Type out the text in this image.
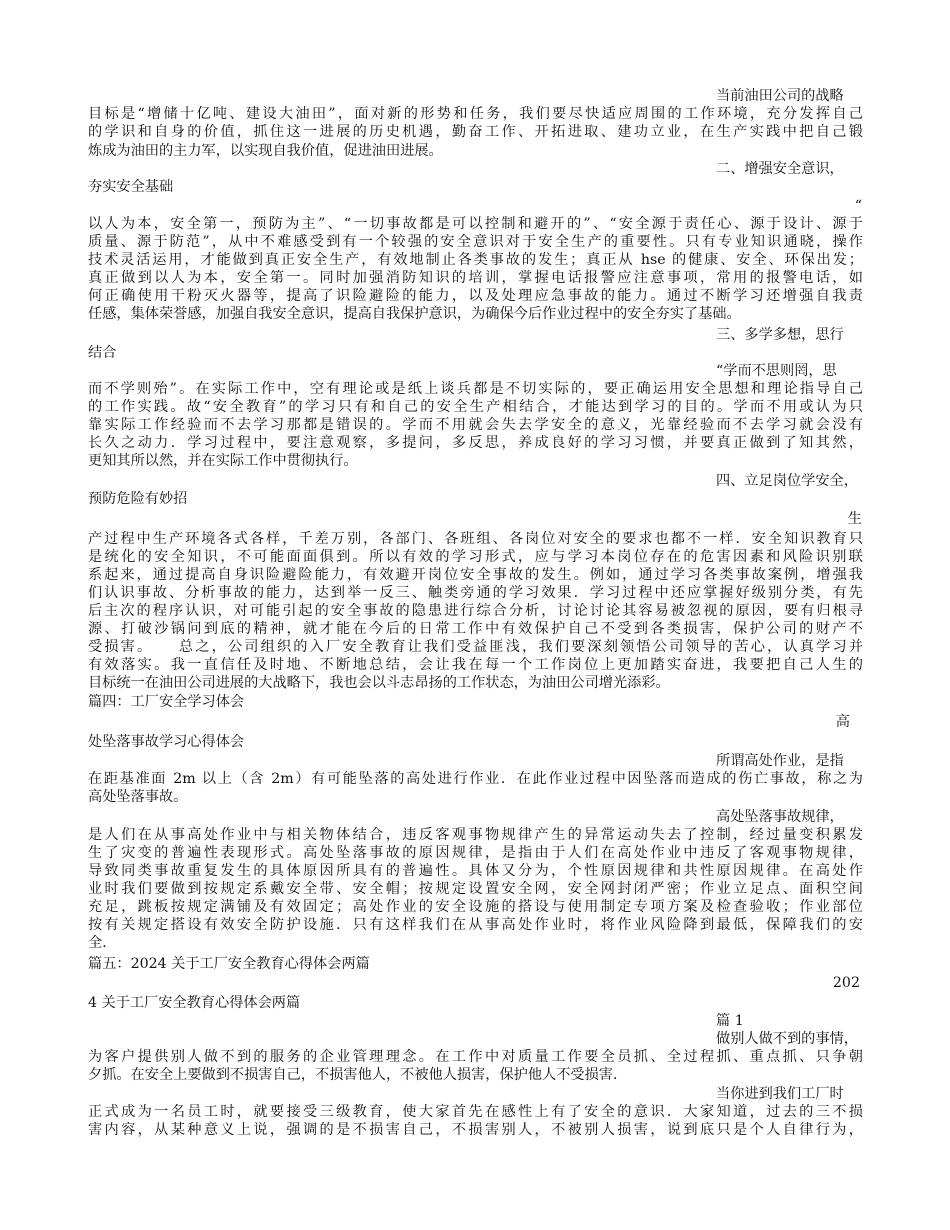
当前油田公司的战略
目标是“增储十亿吨、建设大油田”，面对新的形势和任务，我们要尽快适应周围的工作环境，充分发挥自己
的学识和自身的价值，抓住这一进展的历史机遇，勤奋工作、开拓进取、建功立业，在生产实践中把自己锻
炼成为油田的主力军，以实现自我价值，促进油田进展。
二、增强安全意识，
夯实安全基础
“
以人为本，安全第一，预防为主”、“一切事故都是可以控制和避开的”、“安全源于责任心、源于设计、源于
质量、源于防范”，从中不难感受到有一个较强的安全意识对于安全生产的重要性。只有专业知识通晓，操作
技术灵活运用，才能做到真正安全生产，有效地制止各类事故的发生；真正从 hse 的健康、安全、环保出发；
真正做到以人为本，安全第一。同时加强消防知识的培训，掌握电话报警应注意事项，常用的报警电话，如
何正确使用干粉灭火器等，提高了识险避险的能力，以及处理应急事故的能力。通过不断学习还增强自我责
任感，集体荣誉感，加强自我安全意识，提高自我保护意识，为确保今后作业过程中的安全夯实了基础。
三、多学多想，思行
结合
“学而不思则罔，思
而不学则殆”。在实际工作中，空有理论或是纸上谈兵都是不切实际的，要正确运用安全思想和理论指导自己
的工作实践。故“安全教育”的学习只有和自己的安全生产相结合，才能达到学习的目的。学而不用或认为只
靠实际工作经验而不去学习那都是错误的。学而不用就会失去学安全的意义，光靠经验而不去学习就会没有
长久之动力．学习过程中，要注意观察，多提问，多反思，养成良好的学习习惯，并要真正做到了知其然，
更知其所以然，并在实际工作中贯彻执行。
四、立足岗位学安全，
预防危险有妙招
生
产过程中生产环境各式各样，千差万别，各部门、各班组、各岗位对安全的要求也都不一样．安全知识教育只
是统化的安全知识，不可能面面俱到。所以有效的学习形式，应与学习本岗位存在的危害因素和风险识别联
系起来，通过提高自身识险避险能力，有效避开岗位安全事故的发生。例如，通过学习各类事故案例，增强我
们认识事故、分析事故的能力，达到举一反三、触类旁通的学习效果．学习过程中还应掌握好级别分类，有先
后主次的程序认识，对可能引起的安全事故的隐患进行综合分析，讨论讨论其容易被忽视的原因，要有归根寻
源、打破沙锅问到底的精神，就才能在今后的日常工作中有效保护自己不受到各类损害，保护公司的财产不
受损害。　　总之，公司组织的入厂安全教育让我们受益匪浅，我们要深刻领悟公司领导的苦心，认真学习并
有效落实。我一直信任及时地、不断地总结，会让我在每一个工作岗位上更加踏实奋进，我要把自己人生的
目标统一在油田公司进展的大战略下，我也会以斗志昂扬的工作状态，为油田公司增光添彩。
篇四：工厂安全学习体会
高
处坠落事故学习心得体会
所谓高处作业，是指
在距基准面 2m 以上（含 2m）有可能坠落的高处进行作业．在此作业过程中因坠落而造成的伤亡事故，称之为
高处坠落事故。
高处坠落事故规律，
是人们在从事高处作业中与相关物体结合，违反客观事物规律产生的异常运动失去了控制，经过量变积累发
生了灾变的普遍性表现形式。高处坠落事故的原因规律，是指由于人们在高处作业中违反了客观事物规律，
导致同类事故重复发生的具体原因所具有的普遍性。具体又分为，个性原因规律和共性原因规律。在高处作
业时我们要做到按规定系戴安全带、安全帽；按规定设置安全网，安全网封闭严密；作业立足点、面积空间
充足，跳板按规定满铺及有效固定；高处作业的安全设施的搭设与使用制定专项方案及检查验收；作业部位
按有关规定搭设有效安全防护设施．只有这样我们在从事高处作业时，将作业风险降到最低，保障我们的安
全．
篇五：2024 关于工厂安全教育心得体会两篇
202
4 关于工厂安全教育心得体会两篇
篇 1
做别人做不到的事情，
为客户提供别人做不到的服务的企业管理理念。在工作中对质量工作要全员抓、全过程抓、重点抓、只争朝
夕抓。在安全上要做到不损害自己，不损害他人，不被他人损害，保护他人不受损害．
当你进到我们工厂时
正式成为一名员工时，就要接受三级教育，使大家首先在感性上有了安全的意识．大家知道，过去的三不损
害内容，从某种意义上说，强调的是不损害自己，不损害别人，不被别人损害，说到底只是个人自律行为，
